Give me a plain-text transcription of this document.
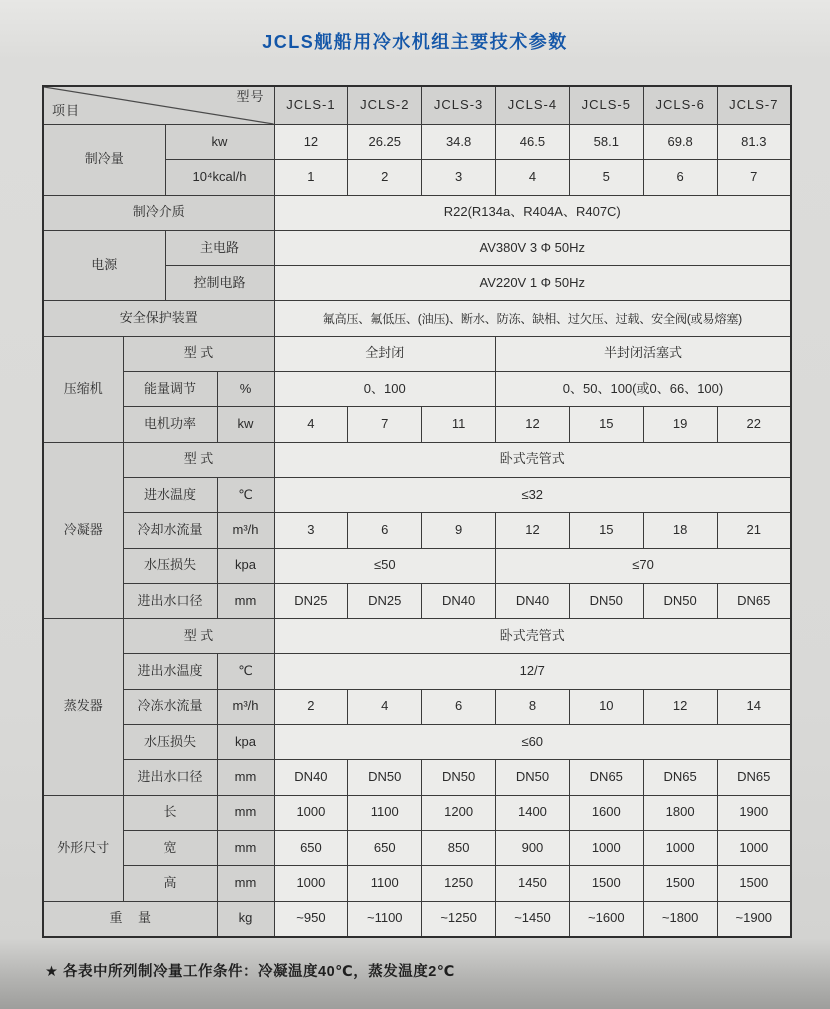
JCLS舰船用冷水机组主要技术参数
项目
型号				JCLS-1	JCLS-2	JCLS-3	JCLS-4	JCLS-5	JCLS-6	JCLS-7
制冷量		kw		12	26.25	34.8	46.5	58.1	69.8	81.3
		10⁴kcal/h		1	2	3	4	5	6	7
制冷介质				R22(R134a、R404A、R407C)						
电源		主电路		AV380V 3 Φ 50Hz						
		控制电路		AV220V 1 Φ 50Hz						
安全保护装置				氟高压、氟低压、(油压)、断水、防冻、缺相、过欠压、过载、安全阀(或易熔塞)						
压缩机	型 式			全封闭			半封闭活塞式			
	能量调节		%	0、100			0、50、100(或0、66、100)			
	电机功率		kw	4	7	11	12	15	19	22
冷凝器	型 式			卧式壳管式						
	进水温度		℃	≤32						
	冷却水流量		m³/h	3	6	9	12	15	18	21
	水压损失		kpa	≤50			≤70			
	进出水口径		mm	DN25	DN25	DN40	DN40	DN50	DN50	DN65
蒸发器	型 式			卧式壳管式						
	进出水温度		℃	12/7						
	冷冻水流量		m³/h	2	4	6	8	10	12	14
	水压损失		kpa	≤60						
	进出水口径		mm	DN40	DN50	DN50	DN50	DN65	DN65	DN65
外形尺寸	长		mm	1000	1100	1200	1400	1600	1800	1900
	宽		mm	650	650	850	900	1000	1000	1000
	高		mm	1000	1100	1250	1450	1500	1500	1500
重 量			kg	~950	~1100	~1250	~1450	~1600	~1800	~1900
★ 各表中所列制冷量工作条件：冷凝温度40℃，蒸发温度2℃
